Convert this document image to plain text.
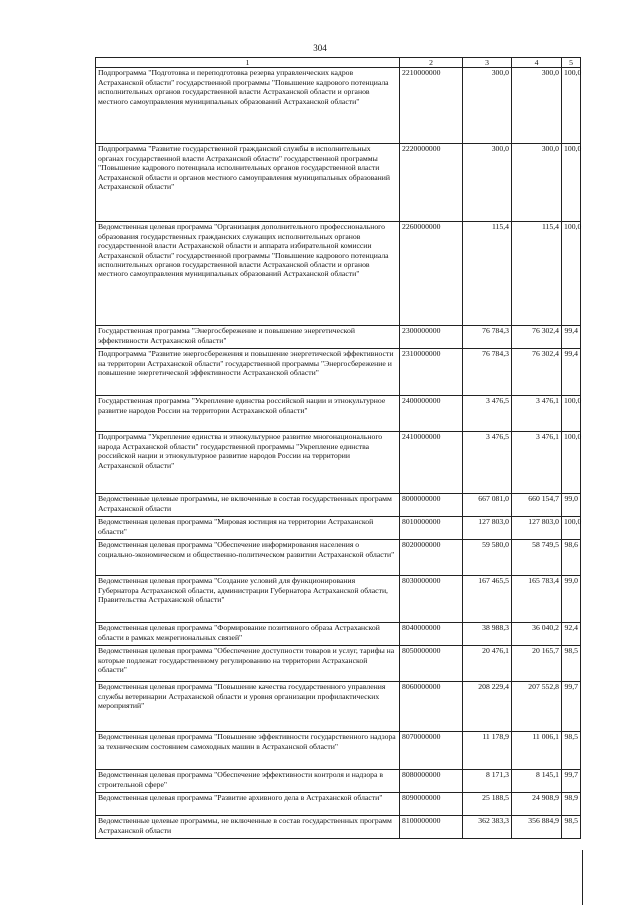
304
1	2	3	4	5
Подпрограмма "Подготовка и переподготовка резерва управленческих кадров Астраханской области" государственной программы "Повышение кадрового потенциала исполнительных органов государственной власти Астраханской области и органов местного самоуправления муниципальных образований Астраханской области"	2210000000	300,0	300,0	100,0
Подпрограмма "Развитие государственной гражданской службы в исполнительных органах государственной власти Астраханской области" государственной программы "Повышение кадрового потенциала исполнительных органов государственной власти Астраханской области и органов местного самоуправления муниципальных образований Астраханской области"	2220000000	300,0	300,0	100,0
Ведомственная целевая программа "Организация дополнительного профессионального образования государственных гражданских служащих исполнительных органов государственной власти Астраханской области и аппарата избирательной комиссии Астраханской области" государственной программы "Повышение кадрового потенциала исполнительных органов государственной власти Астраханской области и органов местного самоуправления муниципальных образований Астраханской области"	2260000000	115,4	115,4	100,0
Государственная программа "Энергосбережение и повышение энергетической эффективности Астраханской области"	2300000000	76 784,3	76 302,4	99,4
Подпрограмма "Развитие энергосбережения и повышение энергетической эффективности на территории Астраханской области" государственной программы "Энергосбережение и повышение энергетической эффективности Астраханской области"	2310000000	76 784,3	76 302,4	99,4
Государственная программа "Укрепление единства российской нации и этнокультурное развитие народов России на территории Астраханской области"	2400000000	3 476,5	3 476,1	100,0
Подпрограмма "Укрепление единства и этнокультурное развитие многонационального народа Астраханской области" государственной программы "Укрепление единства российской нации и этнокультурное развитие народов России на территории Астраханской области"	2410000000	3 476,5	3 476,1	100,0
Ведомственные целевые программы, не включенные в состав государственных программ Астраханской области	8000000000	667 081,0	660 154,7	99,0
Ведомственная целевая программа "Мировая юстиция на территории Астраханской области"	8010000000	127 803,0	127 803,0	100,0
Ведомственная целевая программа "Обеспечение информирования населения о социально-экономическом и общественно-политическом развитии Астраханской области"	8020000000	59 580,0	58 749,5	98,6
Ведомственная целевая программа "Создание условий для функционирования Губернатора Астраханской области, администрации Губернатора Астраханской области, Правительства Астраханской области"	8030000000	167 465,5	165 783,4	99,0
Ведомственная целевая программа "Формирование позитивного образа Астраханской области в рамках межрегиональных связей"	8040000000	38 988,3	36 040,2	92,4
Ведомственная целевая программа "Обеспечение доступности товаров и услуг, тарифы на которые подлежат государственному регулированию на территории Астраханской области"	8050000000	20 476,1	20 165,7	98,5
Ведомственная целевая программа "Повышение качества государственного управления службы ветеринарии Астраханской области и уровня организации профилактических мероприятий"	8060000000	208 229,4	207 552,8	99,7
Ведомственная целевая программа "Повышение эффективности государственного надзора за техническим состоянием самоходных машин в Астраханской области"	8070000000	11 178,9	11 006,1	98,5
Ведомственная целевая программа "Обеспечение эффективности контроля и надзора в строительной сфере"	8080000000	8 171,3	8 145,1	99,7
Ведомственная целевая программа "Развитие архивного дела в Астраханской области"	8090000000	25 188,5	24 908,9	98,9
Ведомственные целевые программы, не включенные в состав государственных программ Астраханской области	8100000000	362 383,3	356 884,9	98,5
